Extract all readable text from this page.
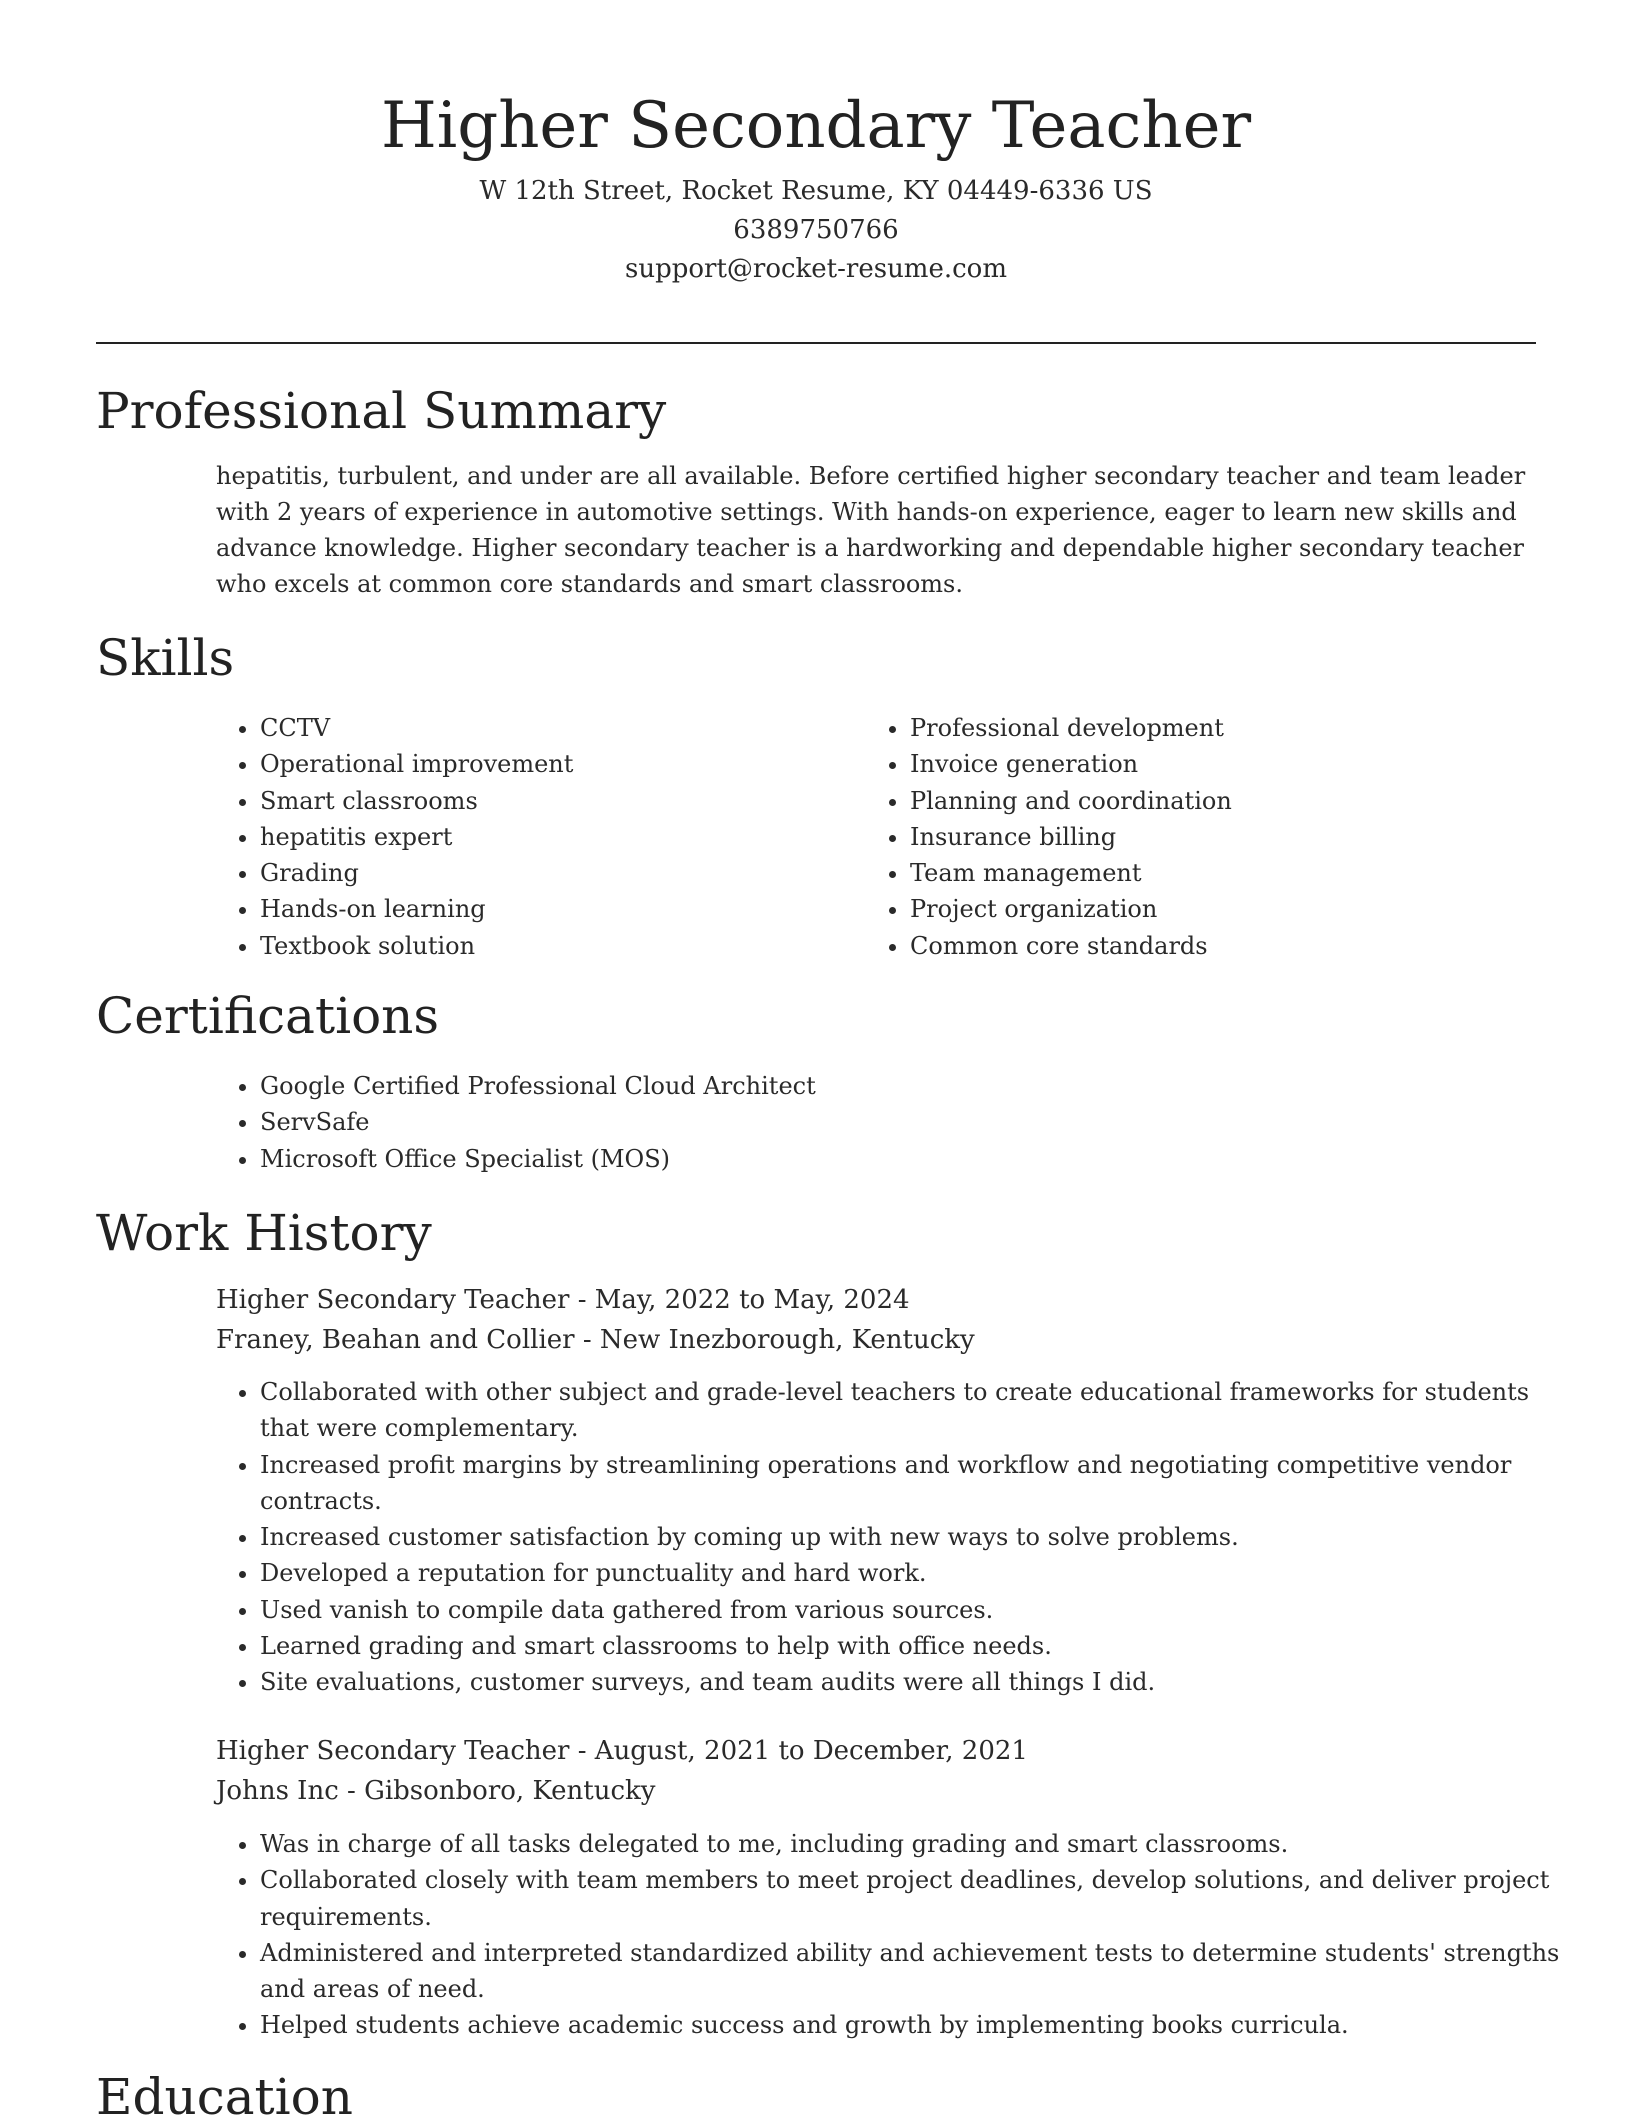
Higher Secondary Teacher

W 12th Street, Rocket Resume, KY 04449-6336 US

6389750766

support@rocket-resume.com

Professional Summary

hepatitis, turbulent, and under are all available. Before certified higher secondary teacher and team leader with 2 years of experience in automotive settings. With hands-on experience, eager to learn new skills and advance knowledge. Higher secondary teacher is a hardworking and dependable higher secondary teacher who excels at common core standards and smart classrooms.

Skills
• CCTV
• Operational improvement
• Smart classrooms
• hepatitis expert
• Grading
• Hands-on learning
• Textbook solution
• Professional development
• Invoice generation
• Planning and coordination
• Insurance billing
• Team management
• Project organization
• Common core standards
Certifications
• Google Certified Professional Cloud Architect
• ServSafe
• Microsoft Office Specialist (MOS)
Work History

Higher Secondary Teacher - May, 2022 to May, 2024

Franey, Beahan and Collier - New Inezborough, Kentucky

• Collaborated with other subject and grade-level teachers to create educational frameworks for students that were complementary.
• Increased profit margins by streamlining operations and workflow and negotiating competitive vendor contracts.
• Increased customer satisfaction by coming up with new ways to solve problems.
• Developed a reputation for punctuality and hard work.
• Used vanish to compile data gathered from various sources.
• Learned grading and smart classrooms to help with office needs.
• Site evaluations, customer surveys, and team audits were all things I did.

Higher Secondary Teacher - August, 2021 to December, 2021

Johns Inc - Gibsonboro, Kentucky

• Was in charge of all tasks delegated to me, including grading and smart classrooms.
• Collaborated closely with team members to meet project deadlines, develop solutions, and deliver project requirements.
• Administered and interpreted standardized ability and achievement tests to determine students' strengths and areas of need.
• Helped students achieve academic success and growth by implementing books curricula.
Education
